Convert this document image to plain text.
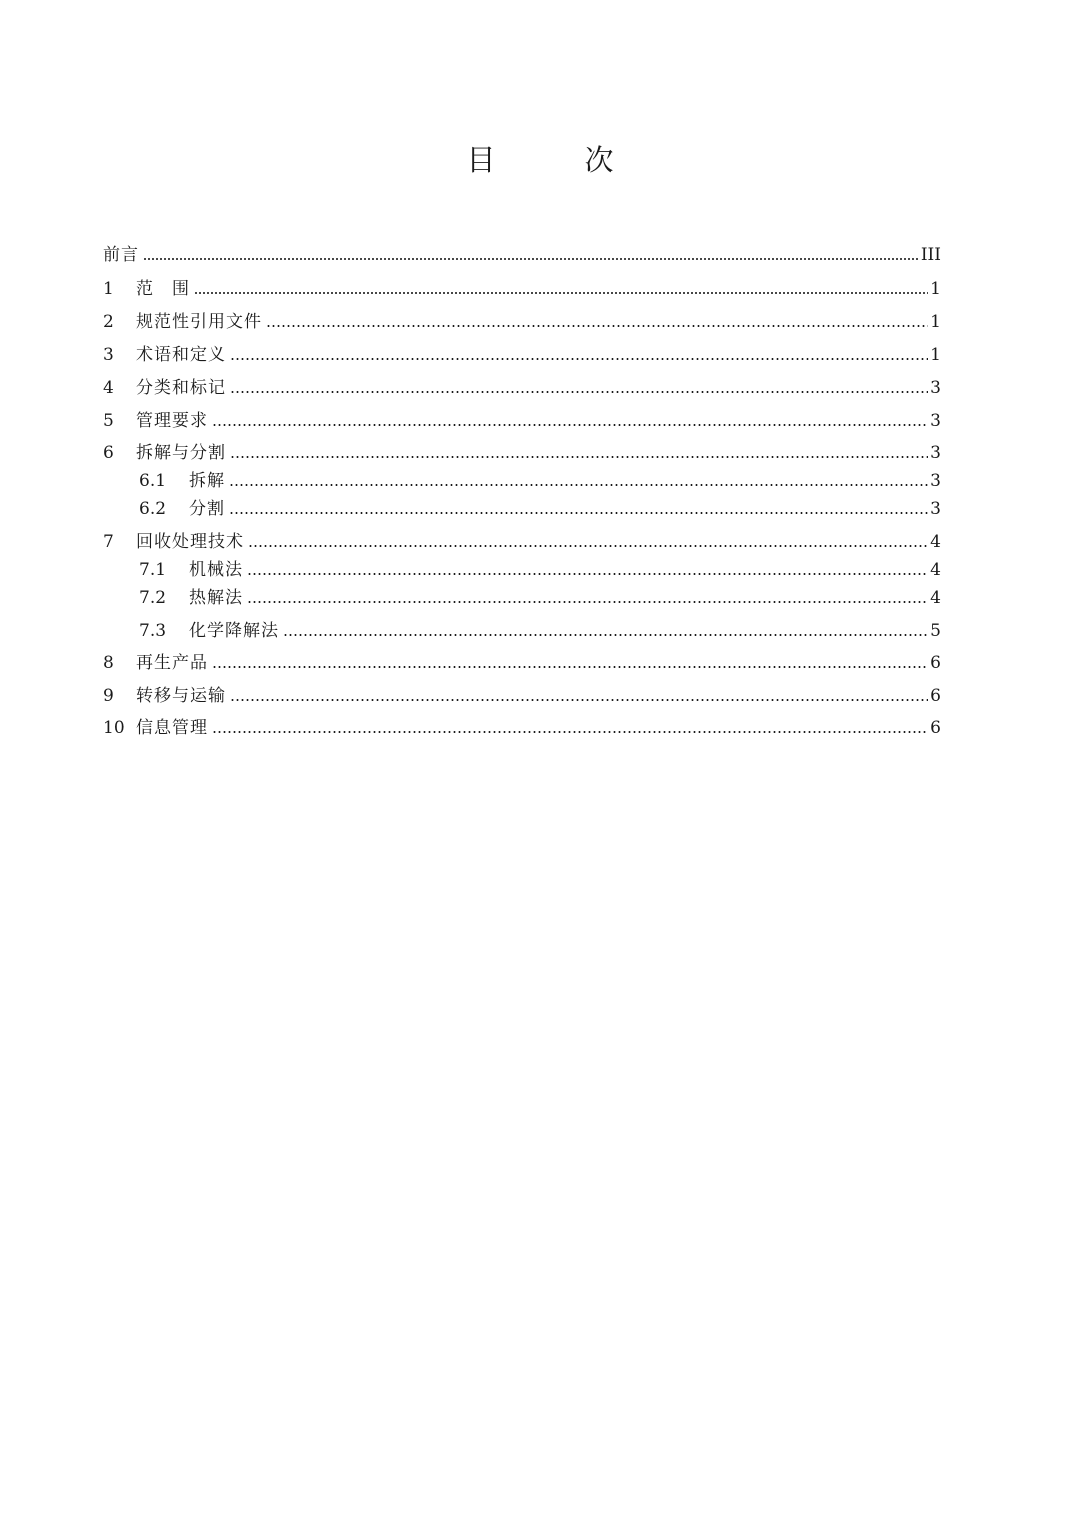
目　次
前言	III
1	范　围	1
2	规范性引用文件	1
3	术语和定义	1
4	分类和标记	3
5	管理要求	3
6	拆解与分割	3
6.1	拆解	3
6.2	分割	3
7	回收处理技术	4
7.1	机械法	4
7.2	热解法	4
7.3	化学降解法	5
8	再生产品	6
9	转移与运输	6
10 信息管理	6
